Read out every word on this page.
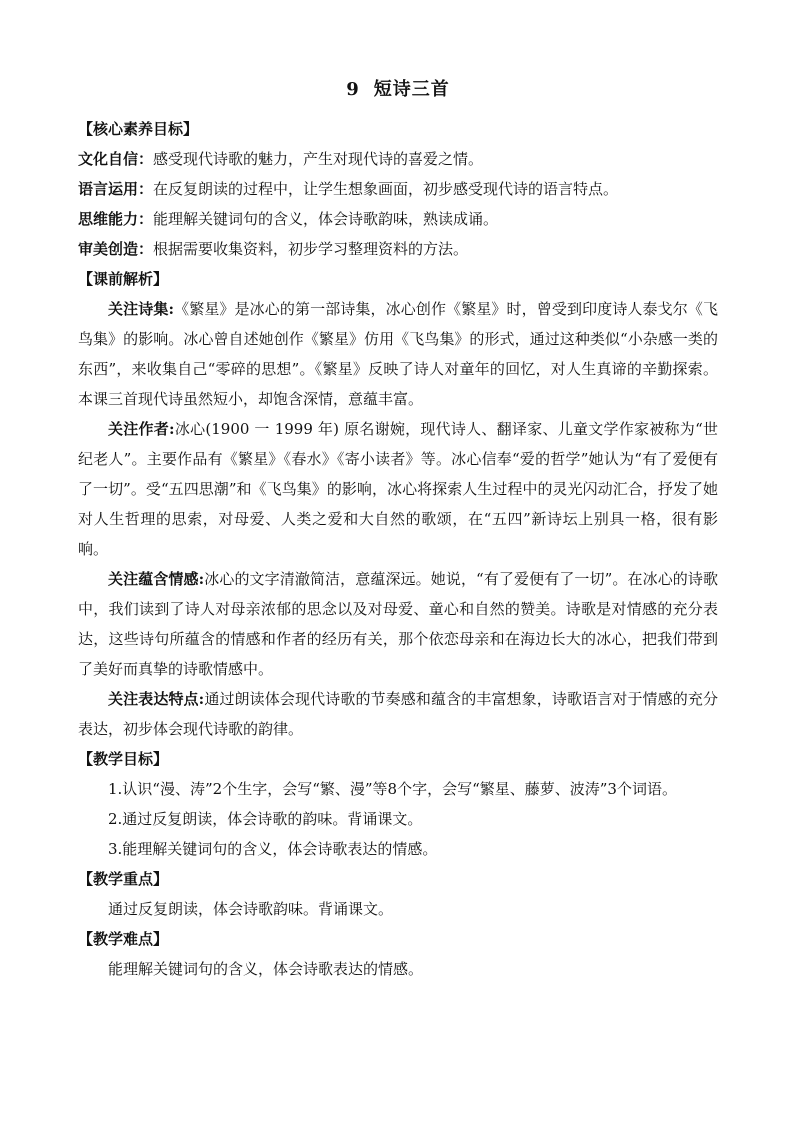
9 短诗三首

【核心素养目标】

文化自信：感受现代诗歌的魅力，产生对现代诗的喜爱之情。

语言运用：在反复朗读的过程中，让学生想象画面，初步感受现代诗的语言特点。

思维能力：能理解关键词句的含义，体会诗歌韵味，熟读成诵。

审美创造：根据需要收集资料，初步学习整理资料的方法。

【课前解析】

关注诗集:《繁星》是冰心的第一部诗集，冰心创作《繁星》时，曾受到印度诗人泰戈尔《飞鸟集》的影响。冰心曾自述她创作《繁星》仿用《飞鸟集》的形式，通过这种类似“小杂感一类的东西”，来收集自己“零碎的思想”。《繁星》反映了诗人对童年的回忆，对人生真谛的辛勤探索。本课三首现代诗虽然短小，却饱含深情，意蕴丰富。

关注作者:冰心(1900 一 1999 年) 原名谢婉，现代诗人、翻译家、儿童文学作家被称为“世纪老人”。主要作品有《繁星》《春水》《寄小读者》等。冰心信奉“爱的哲学”她认为“有了爱便有了一切”。受“五四思潮”和《飞鸟集》的影响，冰心将探索人生过程中的灵光闪动汇合，抒发了她对人生哲理的思索，对母爱、人类之爱和大自然的歌颂，在“五四”新诗坛上别具一格，很有影响。

关注蕴含情感:冰心的文字清澈简洁，意蕴深远。她说，“有了爱便有了一切”。在冰心的诗歌中，我们读到了诗人对母亲浓郁的思念以及对母爱、童心和自然的赞美。诗歌是对情感的充分表达，这些诗句所蕴含的情感和作者的经历有关，那个依恋母亲和在海边长大的冰心，把我们带到了美好而真挚的诗歌情感中。

关注表达特点:通过朗读体会现代诗歌的节奏感和蕴含的丰富想象，诗歌语言对于情感的充分表达，初步体会现代诗歌的韵律。

【教学目标】

1.认识“漫、涛”2个生字，会写“繁、漫”等8个字，会写“繁星、藤萝、波涛”3个词语。

2.通过反复朗读，体会诗歌的韵味。背诵课文。

3.能理解关键词句的含义，体会诗歌表达的情感。

【教学重点】

通过反复朗读，体会诗歌韵味。背诵课文。

【教学难点】

能理解关键词句的含义，体会诗歌表达的情感。
